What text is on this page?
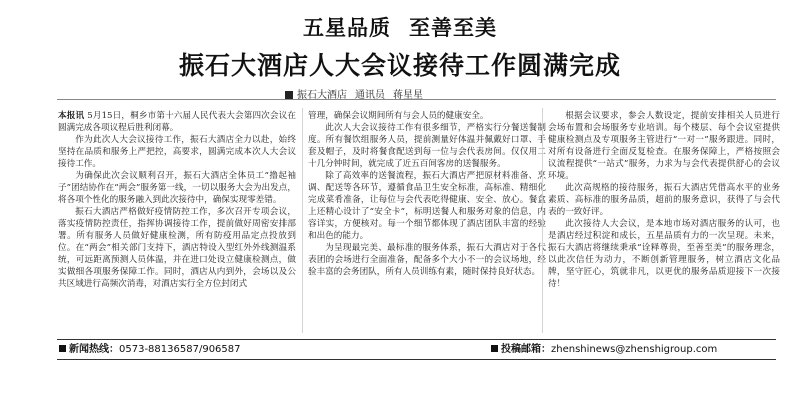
五星品质 至善至美
振石大酒店人大会议接待工作圆满完成
振石大酒店 通讯员 蒋星星

本报讯 5月15日，桐乡市第十六届人民代表大会第四次会议在圆满完成各项议程后胜利闭幕。

作为此次人大会议接待工作，振石大酒店全力以赴，始终坚持在品质和服务上严把控，高要求，圆满完成本次人大会议接待工作。

为确保此次会议顺利召开，振石大酒店全体员工“撸起袖子”团结协作在“两会”服务第一线，一切以服务大会为出发点，将各项个性化的服务融入到此次接待中，确保实现零差错。

振石大酒店严格做好疫情防控工作，多次召开专项会议，落实疫情防控责任，指挥协调接待工作，提前做好周密安排部署。所有服务人员做好健康检测，所有防疫用品定点投放到位。在“两会”相关部门支持下，酒店特设入型红外外线测温系统，可远距离预测人员体温，并在进口处设立健康检测点，做实做细各项服务保障工作。同时，酒店从内到外，会场以及公共区域进行高频次消毒，对酒店实行全方位封闭式

管理，确保会议期间所有与会人员的健康安全。

此次人大会议接待工作有很多细节，严格实行分餐送餐制度。所有餐饮组服务人员，提前测量好体温并佩戴好口罩、手套及帽子，及时将餐食配送到每一位与会代表房间。仅仅用二十几分钟时间，就完成了近五百间客房的送餐服务。

除了高效率的送餐流程，振石大酒店严把原材料准备、烹调、配送等各环节，遵循食品卫生安全标准，高标准、精细化完成菜肴准备，让每位与会代表吃得健康、安全、放心。餐盒上还精心设计了“安全卡”，标明送餐人和服务对象的信息，内容详实，方便核对。每一个细节都体现了酒店团队丰富的经验和出色的能力。

为呈现最完美、最标准的服务体系，振石大酒店对于各代表团的会场进行全面准备，配备多个大小不一的会议场地，经验丰富的会务团队，所有人员训练有素，随时保持良好状态。

根据会议要求，参会人数设定，提前安排相关人员进行会场布置和会场服务专业培训。每个楼层、每个会议室提供健康检测点及专项服务主管进行“一对一”服务跟进。同时，对所有设备进行全面反复检查。在服务保障上，严格按照会议流程提供“一站式”服务，力求为与会代表提供舒心的会议环境。

此次高规格的接待服务，振石大酒店凭借高水平的业务素质、高标准的服务品质，超前的服务意识，获得了与会代表的一致好评。

此次接待人大会议，是本地市场对酒店服务的认可，也是酒店经过积淀和成长，五星品质有力的一次呈现。未来，振石大酒店将继续秉承“诠释尊贵，至善至美”的服务理念，以此次信任为动力，不断创新管理服务，树立酒店文化品牌，坚守匠心，筑就非凡，以更优的服务品质迎接下一次接待！

新闻热线：0573-88136587/906587	投稿邮箱：zhenshinews@zhenshigroup.com
